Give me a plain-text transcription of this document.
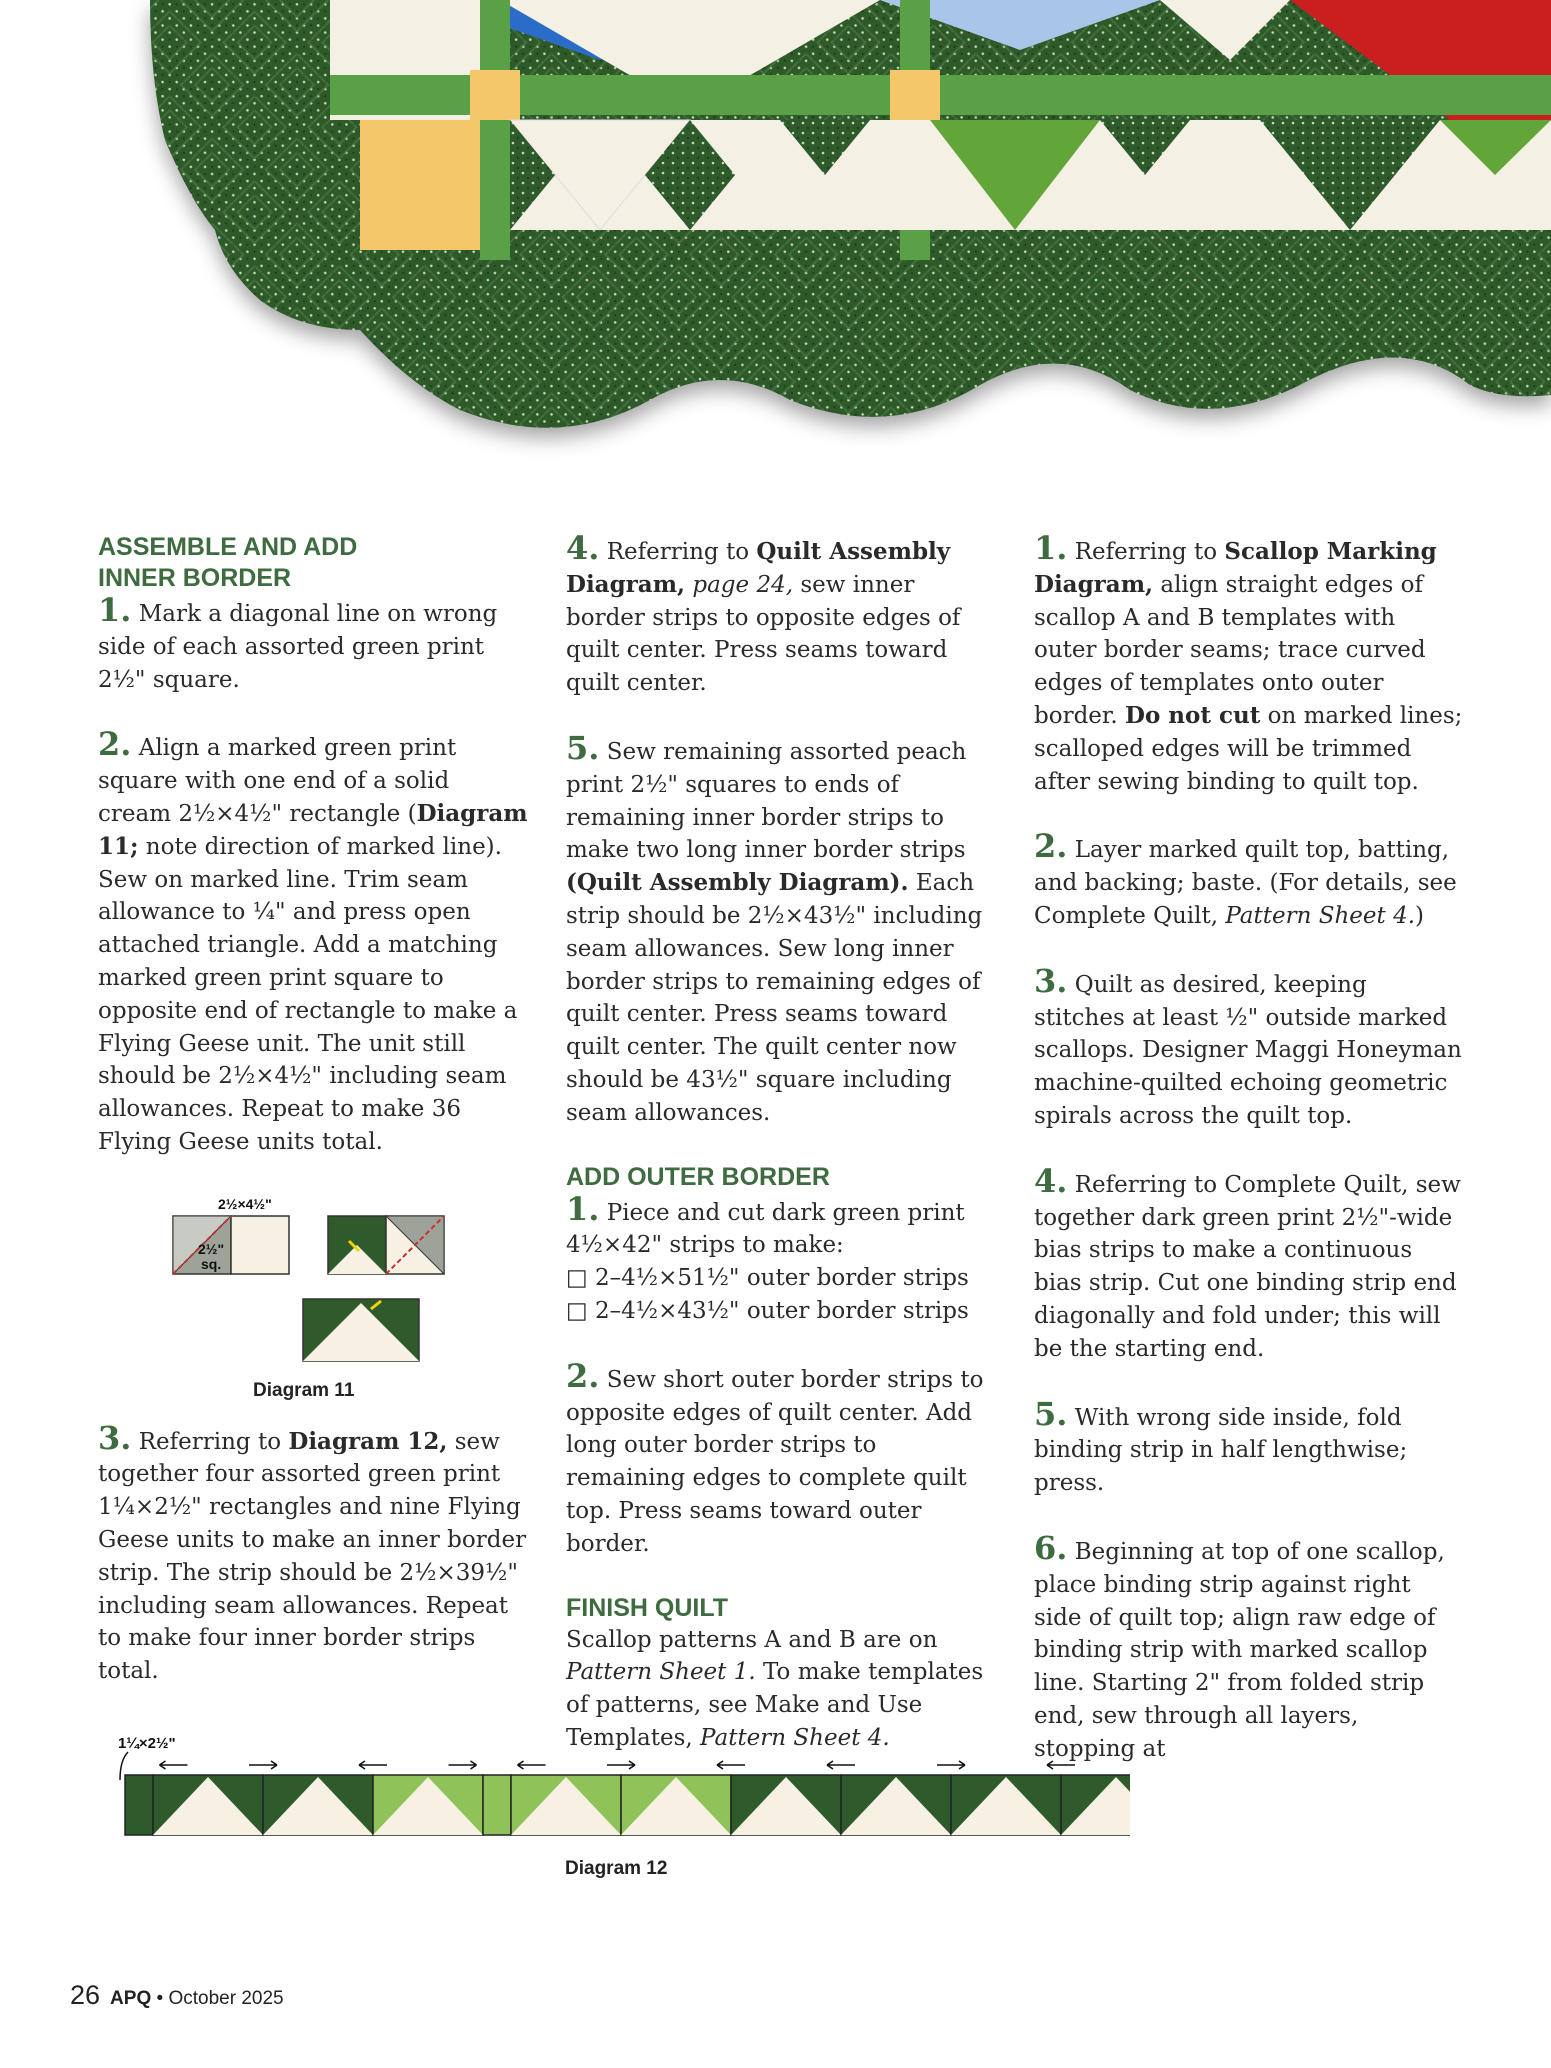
ASSEMBLE AND ADD
INNER BORDER

1. Mark a diagonal line on wrong side of each assorted green print 2½" square.

2. Align a marked green print square with one end of a solid cream 2½×4½" rectangle (Diagram 11; note direction of marked line). Sew on marked line. Trim seam allowance to ¼" and press open attached triangle. Add a matching marked green print square to opposite end of rectangle to make a Flying Geese unit. The unit still should be 2½×4½" including seam allowances. Repeat to make 36 Flying Geese units total.

2½×4½"
2½"
sq.
Diagram 11

3. Referring to Diagram 12, sew together four assorted green print 1¼×2½" rectangles and nine Flying Geese units to make an inner border strip. The strip should be 2½×39½" including seam allowances. Repeat to make four inner border strips total.

4. Referring to Quilt Assembly Diagram, page 24, sew inner border strips to opposite edges of quilt center. Press seams toward quilt center.

5. Sew remaining assorted peach print 2½" squares to ends of remaining inner border strips to make two long inner border strips (Quilt Assembly Diagram). Each strip should be 2½×43½" including seam allowances. Sew long inner border strips to remaining edges of quilt center. Press seams toward quilt center. The quilt center now should be 43½" square including seam allowances.

ADD OUTER BORDER

1. Piece and cut dark green print 4½×42" strips to make:

□ 2–4½×51½" outer border strips
□ 2–4½×43½" outer border strips

2. Sew short outer border strips to opposite edges of quilt center. Add long outer border strips to remaining edges to complete quilt top. Press seams toward outer border.

FINISH QUILT

Scallop patterns A and B are on Pattern Sheet 1. To make templates of patterns, see Make and Use Templates, Pattern Sheet 4.

1. Referring to Scallop Marking Diagram, align straight edges of scallop A and B templates with outer border seams; trace curved edges of templates onto outer border. Do not cut on marked lines; scalloped edges will be trimmed after sewing binding to quilt top.

2. Layer marked quilt top, batting, and backing; baste. (For details, see Complete Quilt, Pattern Sheet 4.)

3. Quilt as desired, keeping stitches at least ½" outside marked scallops. Designer Maggi Honeyman machine-quilted echoing geometric spirals across the quilt top.

4. Referring to Complete Quilt, sew together dark green print 2½"-wide bias strips to make a continuous bias strip. Cut one binding strip end diagonally and fold under; this will be the starting end.

5. With wrong side inside, fold binding strip in half lengthwise; press.

6. Beginning at top of one scallop, place binding strip against right side of quilt top; align raw edge of binding strip with marked scallop line. Starting 2" from folded strip end, sew through all layers, stopping at

1¼×2½"
Diagram 12
26 APQ • October 2025
